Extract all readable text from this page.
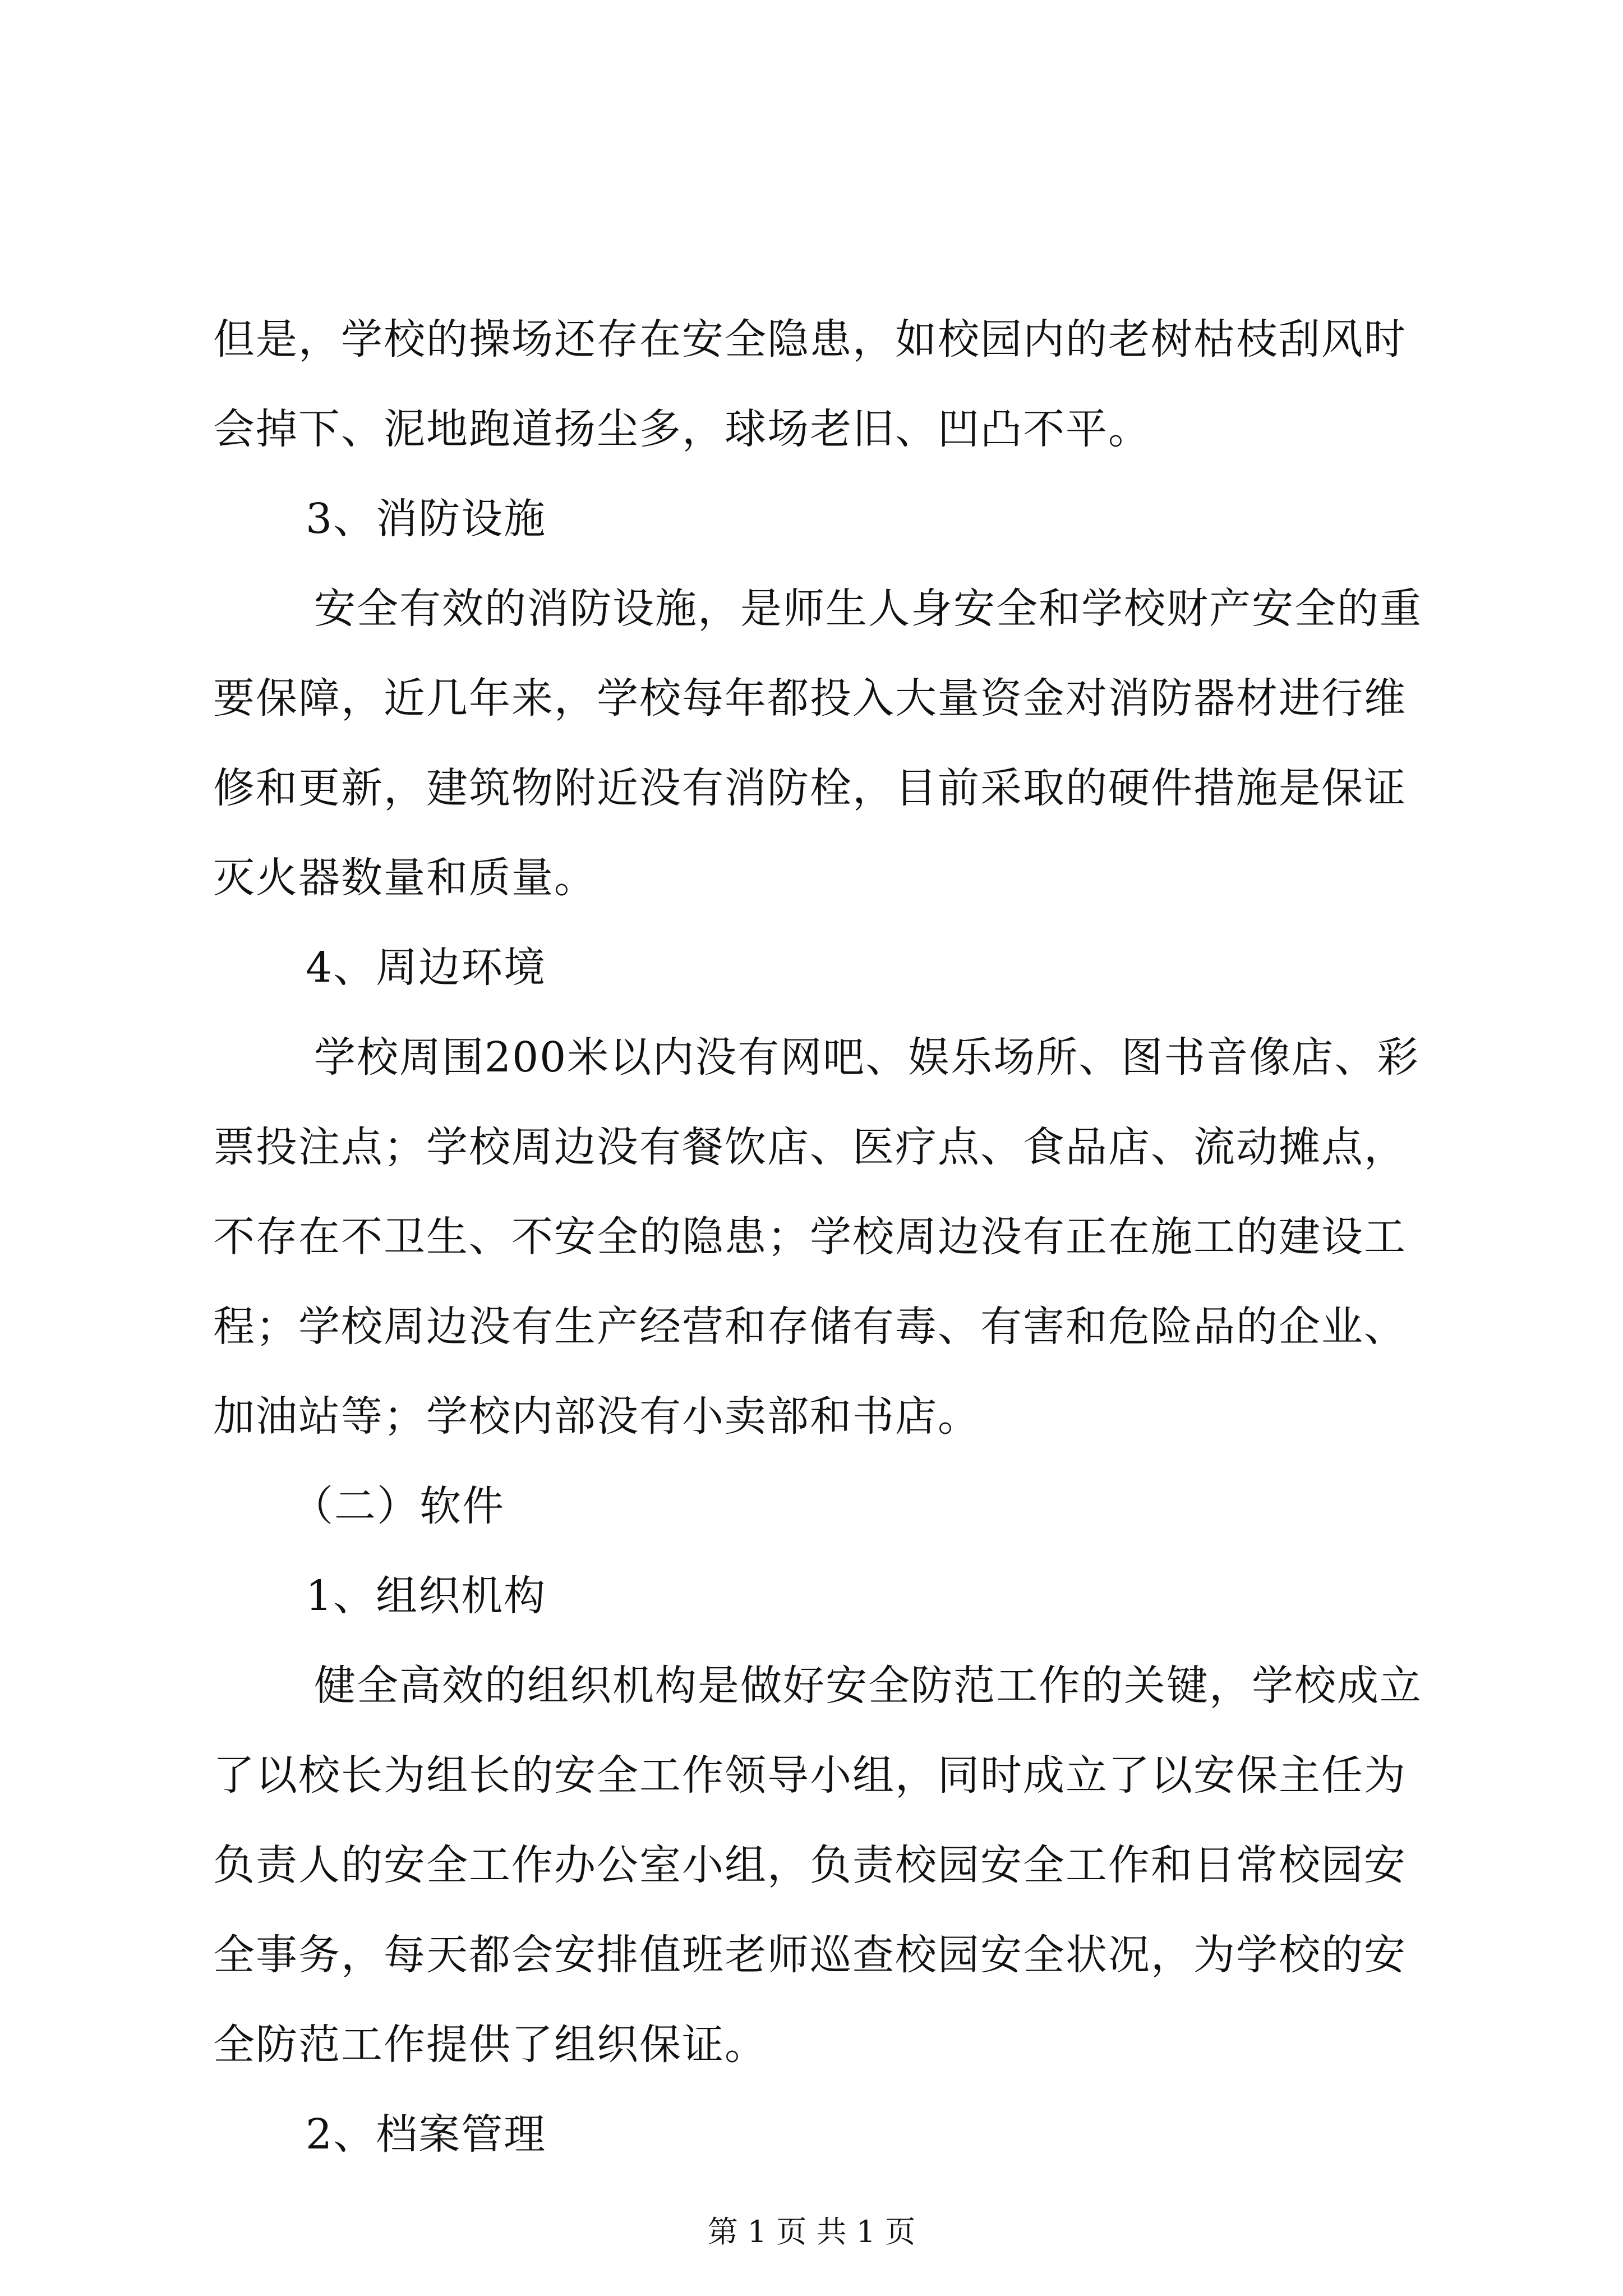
但是，学校的操场还存在安全隐患，如校园内的老树枯枝刮风时
会掉下、泥地跑道扬尘多，球场老旧、凹凸不平。
3、消防设施
安全有效的消防设施，是师生人身安全和学校财产安全的重
要保障，近几年来，学校每年都投入大量资金对消防器材进行维
修和更新，建筑物附近没有消防栓，目前采取的硬件措施是保证
灭火器数量和质量。
4、周边环境
学校周围200米以内没有网吧、娱乐场所、图书音像店、彩
票投注点；学校周边没有餐饮店、医疗点、食品店、流动摊点，
不存在不卫生、不安全的隐患；学校周边没有正在施工的建设工
程；学校周边没有生产经营和存储有毒、有害和危险品的企业、
加油站等；学校内部没有小卖部和书店。
（二）软件
1、组织机构
健全高效的组织机构是做好安全防范工作的关键，学校成立
了以校长为组长的安全工作领导小组，同时成立了以安保主任为
负责人的安全工作办公室小组，负责校园安全工作和日常校园安
全事务，每天都会安排值班老师巡查校园安全状况，为学校的安
全防范工作提供了组织保证。
2、档案管理
第 1 页 共 1 页
